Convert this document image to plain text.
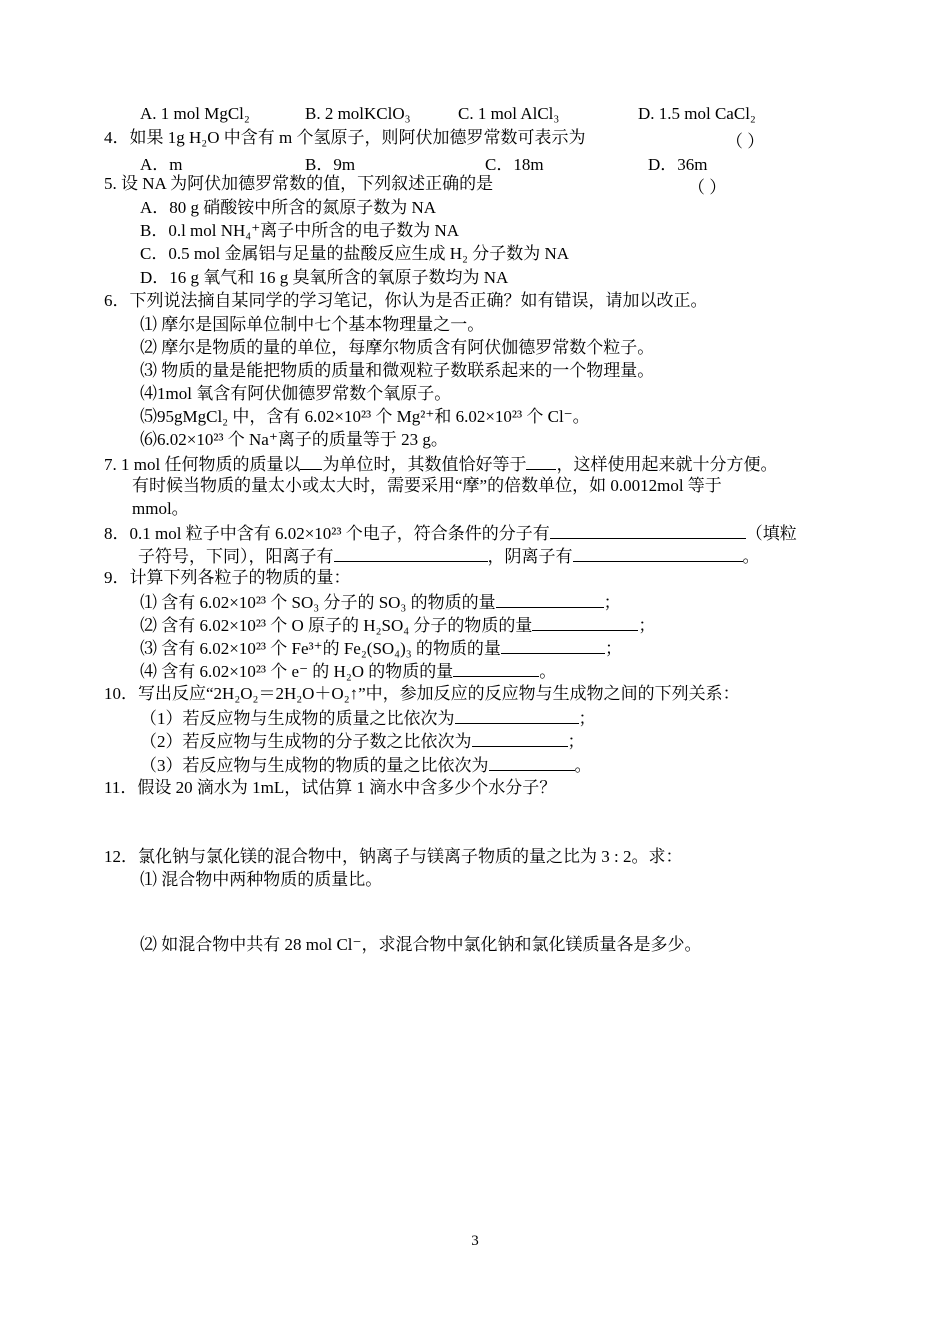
A. 1 mol MgCl₂	B. 2 molKClO₃	C. 1 mol AlCl₃	D. 1.5 mol CaCl₂
4．如果 1g H₂O 中含有 m 个氢原子，则阿伏加德罗常数可表示为	（ ）
A．m	B．9m	C．18m	D．36m
5. 设 NA 为阿伏加德罗常数的值，下列叙述正确的是	（ ）
A．80 g 硝酸铵中所含的氮原子数为 NA
B．0.l mol NH₄⁺离子中所含的电子数为 NA
C．0.5 mol 金属铝与足量的盐酸反应生成 H₂ 分子数为 NA
D．16 g 氧气和 16 g 臭氧所含的氧原子数均为 NA
6．下列说法摘自某同学的学习笔记，你认为是否正确？如有错误，请加以改正。
⑴ 摩尔是国际单位制中七个基本物理量之一。
⑵ 摩尔是物质的量的单位，每摩尔物质含有阿伏伽德罗常数个粒子。
⑶ 物质的量是能把物质的质量和微观粒子数联系起来的一个物理量。
⑷1mol 氧含有阿伏伽德罗常数个氧原子。
⑸95gMgCl₂ 中，含有 6.02×10²³ 个 Mg²⁺和 6.02×10²³ 个 Cl⁻。
⑹6.02×10²³ 个 Na⁺离子的质量等于 23 g。
7. 1 mol 任何物质的质量以 为单位时，其数值恰好等于 ，这样使用起来就十分方便。
有时候当物质的量太小或太大时，需要采用“摩”的倍数单位，如 0.0012mol 等于
mmol。
8．0.1 mol 粒子中含有 6.02×10²³ 个电子，符合条件的分子有	（填粒
子符号，下同），阳离子有	，阴离子有	。
9．计算下列各粒子的物质的量：
⑴ 含有 6.02×10²³ 个 SO₃ 分子的 SO₃ 的物质的量	；
⑵ 含有 6.02×10²³ 个 O 原子的 H₂SO₄ 分子的物质的量	；
⑶ 含有 6.02×10²³ 个 Fe³⁺的 Fe₂(SO₄)₃ 的物质的量	；
⑷ 含有 6.02×10²³ 个 e⁻ 的 H₂O 的物质的量	。
10．写出反应“2H₂O₂＝2H₂O＋O₂↑”中，参加反应的反应物与生成物之间的下列关系：
（1）若反应物与生成物的质量之比依次为	；
（2）若反应物与生成物的分子数之比依次为	；
（3）若反应物与生成物的物质的量之比依次为	。
11．假设 20 滴水为 1mL，试估算 1 滴水中含多少个水分子？
12．氯化钠与氯化镁的混合物中，钠离子与镁离子物质的量之比为 3 : 2。求：
⑴ 混合物中两种物质的质量比。
⑵ 如混合物中共有 28 mol Cl⁻，求混合物中氯化钠和氯化镁质量各是多少。
3
